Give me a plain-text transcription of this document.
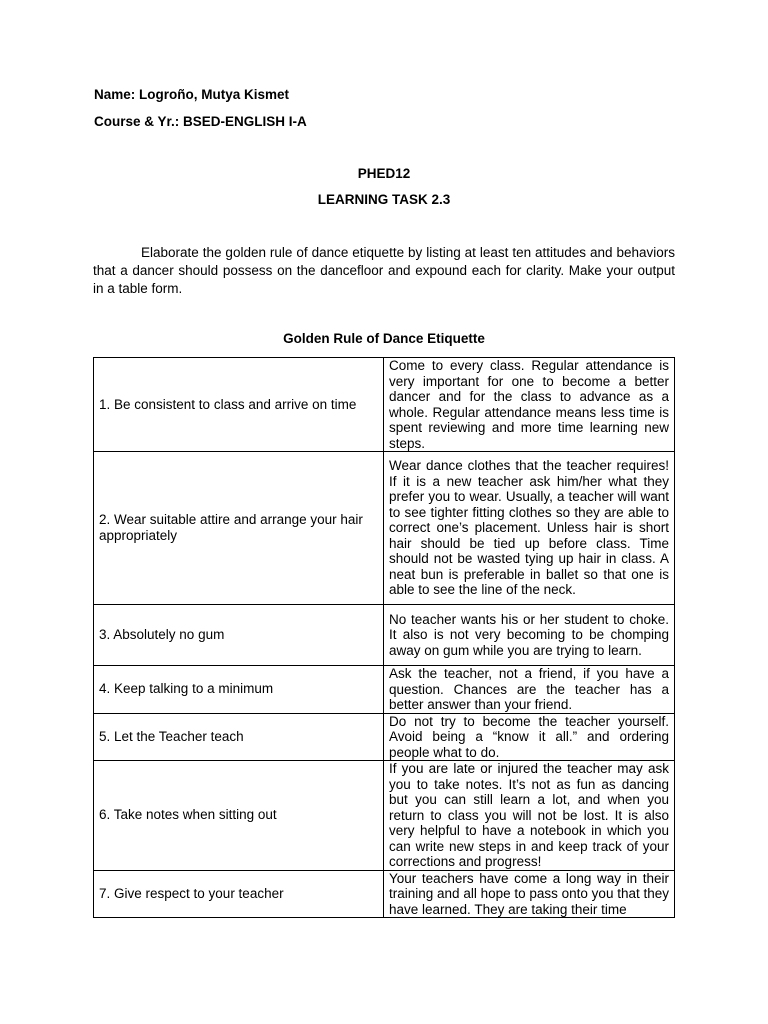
Name: Logroño, Mutya Kismet
Course & Yr.: BSED-ENGLISH I-A
PHED12
LEARNING TASK 2.3
Elaborate the golden rule of dance etiquette by listing at least ten attitudes and behaviors that a dancer should possess on the dancefloor and expound each for clarity. Make your output in a table form.
Golden Rule of Dance Etiquette
1. Be consistent to class and arrive on time	Come to every class. Regular attendance is very important for one to become a better dancer and for the class to advance as a whole. Regular attendance means less time is spent reviewing and more time learning new steps.
2. Wear suitable attire and arrange your hair appropriately	Wear dance clothes that the teacher requires! If it is a new teacher ask him/her what they prefer you to wear. Usually, a teacher will want to see tighter fitting clothes so they are able to correct one’s placement. Unless hair is short hair should be tied up before class. Time should not be wasted tying up hair in class. A neat bun is preferable in ballet so that one is able to see the line of the neck.
3. Absolutely no gum	No teacher wants his or her student to choke. It also is not very becoming to be chomping away on gum while you are trying to learn.
4. Keep talking to a minimum	Ask the teacher, not a friend, if you have a question. Chances are the teacher has a better answer than your friend.
5. Let the Teacher teach	Do not try to become the teacher yourself. Avoid being a “know it all.” and ordering people what to do.
6. Take notes when sitting out	If you are late or injured the teacher may ask you to take notes. It’s not as fun as dancing but you can still learn a lot, and when you return to class you will not be lost. It is also very helpful to have a notebook in which you can write new steps in and keep track of your corrections and progress!
7. Give respect to your teacher	Your teachers have come a long way in their training and all hope to pass onto you that they have learned. They are taking their time
